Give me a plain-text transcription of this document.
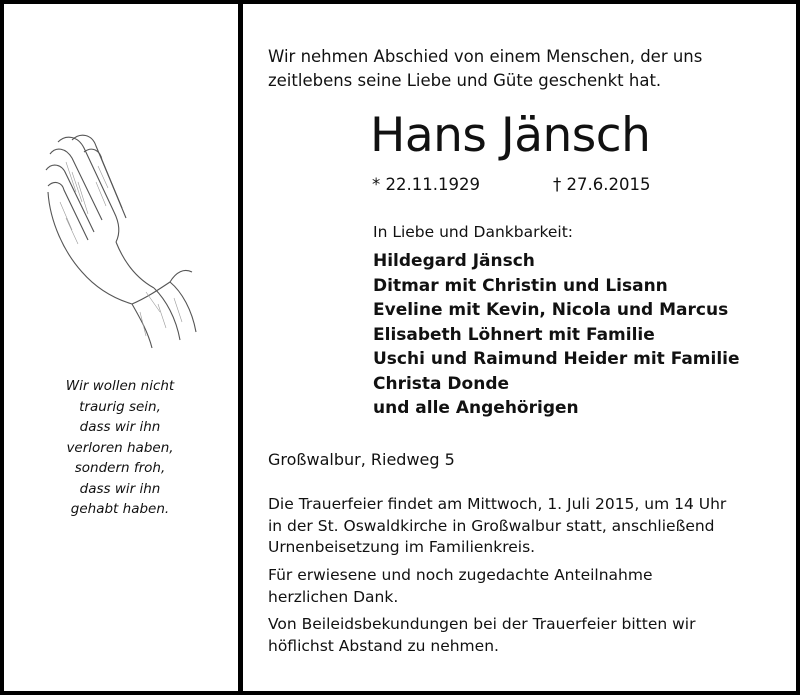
Wir wollen nicht
traurig sein,
dass wir ihn
verloren haben,
sondern froh,
dass wir ihn
gehabt haben.
Wir nehmen Abschied von einem Menschen, der uns
zeitlebens seine Liebe und Güte geschenkt hat.
Hans Jänsch
* 22.11.1929	† 27.6.2015
In Liebe und Dankbarkeit:
Hildegard Jänsch
Ditmar mit Christin und Lisann
Eveline mit Kevin, Nicola und Marcus
Elisabeth Löhnert mit Familie
Uschi und Raimund Heider mit Familie
Christa Donde
und alle Angehörigen
Großwalbur, Riedweg 5
Die Trauerfeier findet am Mittwoch, 1. Juli 2015, um 14 Uhr
in der St. Oswaldkirche in Großwalbur statt, anschließend
Urnenbeisetzung im Familienkreis.
Für erwiesene und noch zugedachte Anteilnahme
herzlichen Dank.
Von Beileidsbekundungen bei der Trauerfeier bitten wir
höflichst Abstand zu nehmen.
